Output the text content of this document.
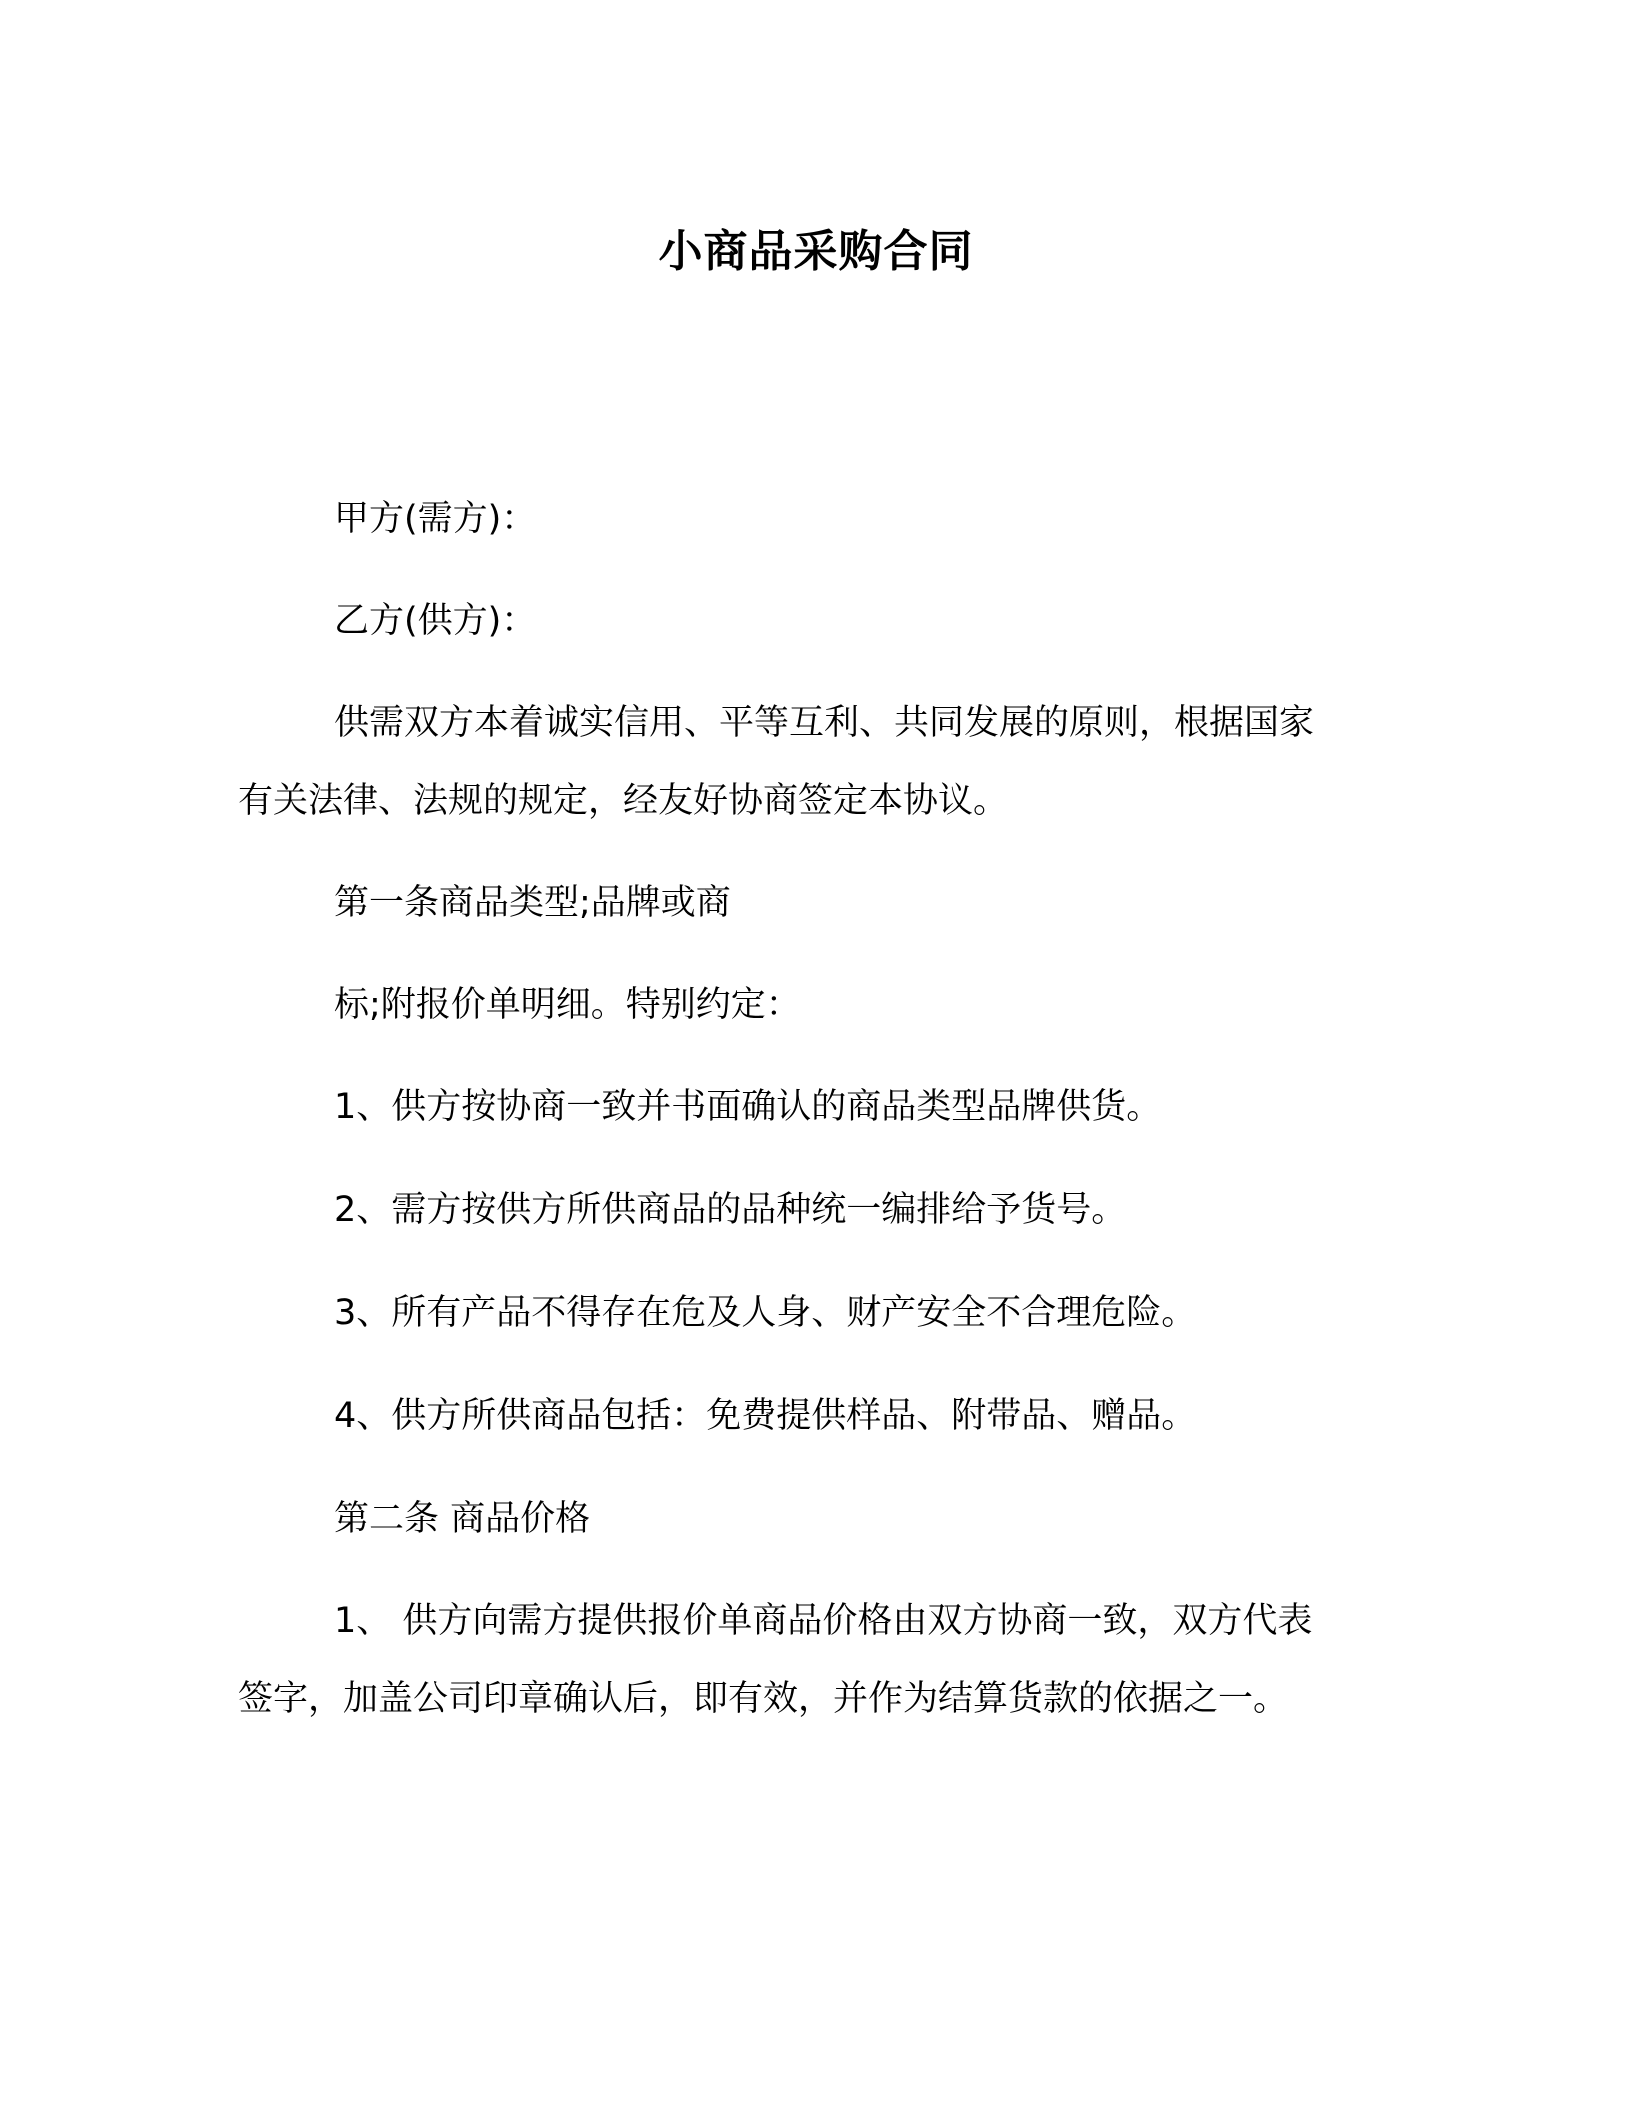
小商品采购合同
甲方(需方)：
乙方(供方)：
供需双方本着诚实信用、平等互利、共同发展的原则，根据国家
有关法律、法规的规定，经友好协商签定本协议。
第一条商品类型;品牌或商
标;附报价单明细。特别约定：
1、供方按协商一致并书面确认的商品类型品牌供货。
2、需方按供方所供商品的品种统一编排给予货号。
3、所有产品不得存在危及人身、财产安全不合理危险。
4、供方所供商品包括：免费提供样品、附带品、赠品。
第二条 商品价格
1、 供方向需方提供报价单商品价格由双方协商一致，双方代表
签字，加盖公司印章确认后，即有效，并作为结算货款的依据之一。
